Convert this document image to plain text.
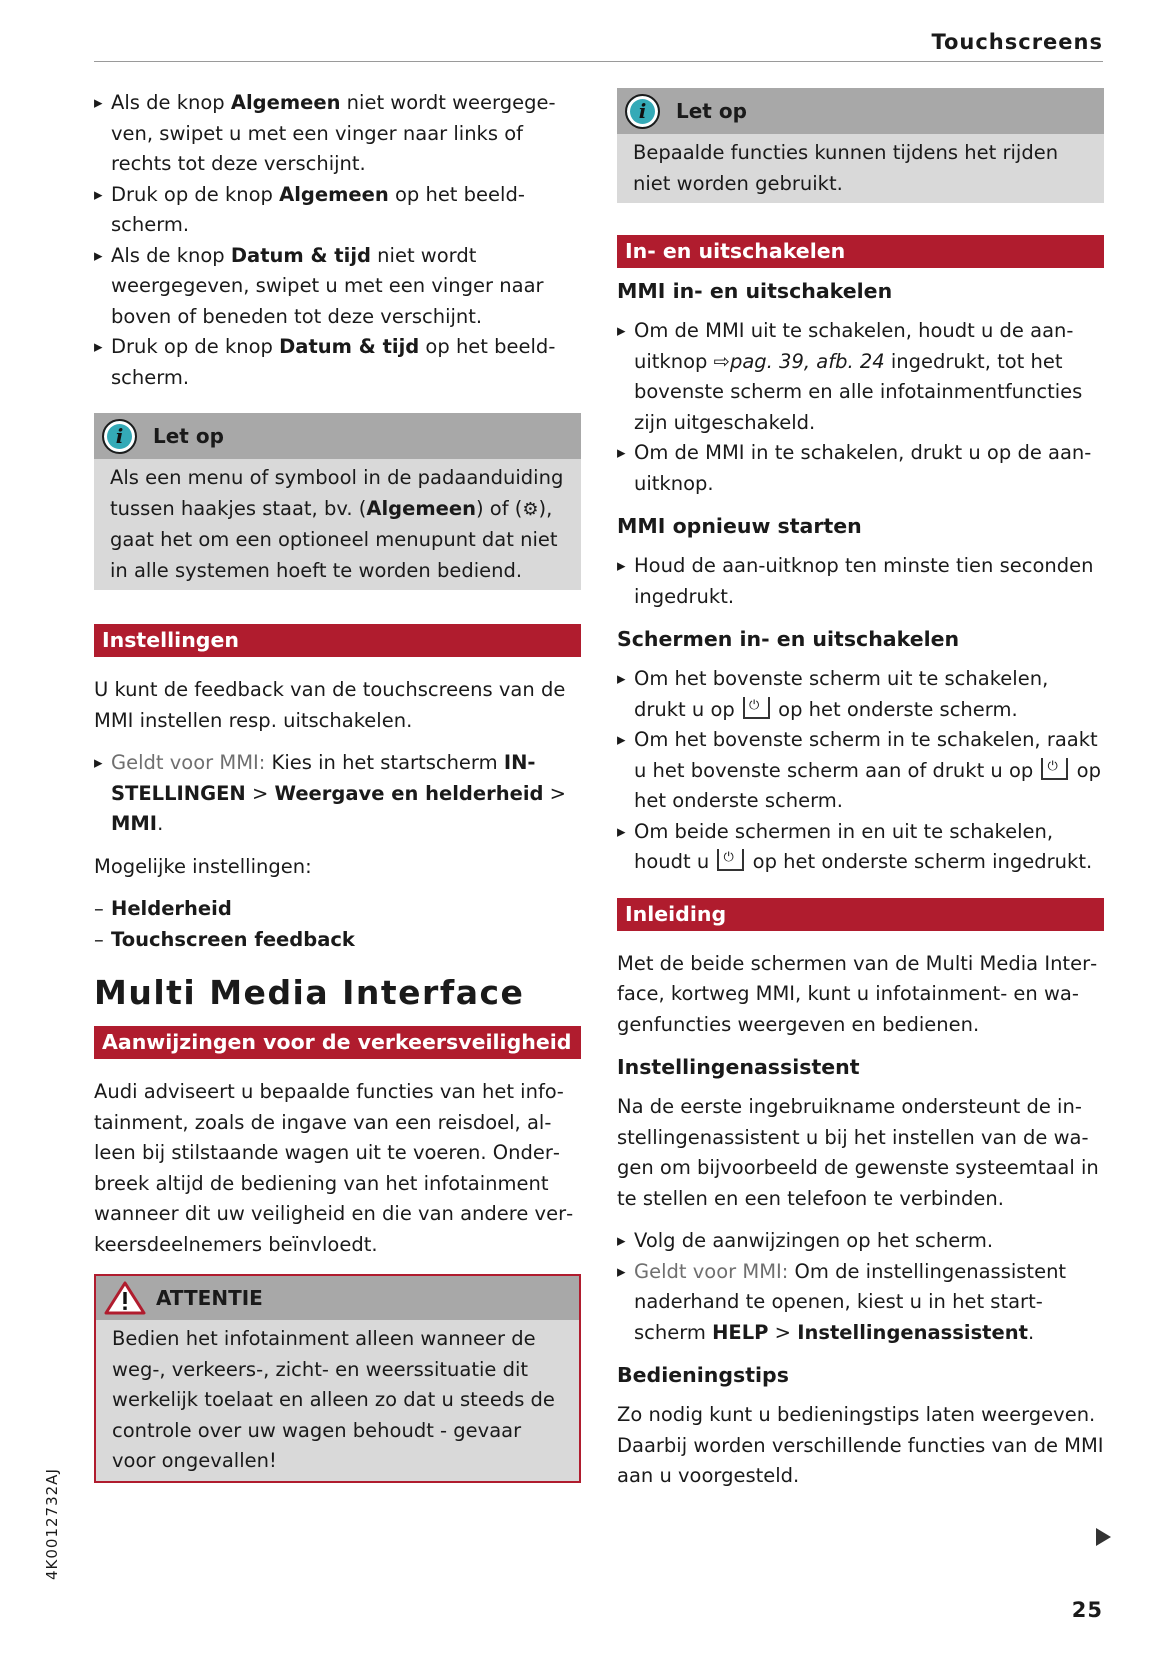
Touchscreens
▸ Als de knop Algemeen niet wordt weergegeven, swipet u met een vinger naar links of rechts tot deze verschijnt.
▸ Druk op de knop Algemeen op het beeldscherm.
▸ Als de knop Datum & tijd niet wordt weergegeven, swipet u met een vinger naar boven of beneden tot deze verschijnt.
▸ Druk op de knop Datum & tijd op het beeldscherm.
i	Let op
Als een menu of symbool in de padaanduiding tussen haakjes staat, bv. (Algemeen) of (⚙), gaat het om een optioneel menupunt dat niet in alle systemen hoeft te worden bediend.
Instellingen

U kunt de feedback van de touchscreens van de MMI instellen resp. uitschakelen.

▸ Geldt voor MMI: Kies in het startscherm INSTELLINGEN > Weergave en helderheid > MMI.

Mogelijke instellingen:

– Helderheid
– Touchscreen feedback
Multi Media Interface
Aanwijzingen voor de verkeersveiligheid

Audi adviseert u bepaalde functies van het infotainment, zoals de ingave van een reisdoel, alleen bij stilstaande wagen uit te voeren. Onderbreek altijd de bediening van het infotainment wanneer dit uw veiligheid en die van andere verkeersdeelnemers beïnvloedt.

ATTENTIE
Bedien het infotainment alleen wanneer de weg-, verkeers-, zicht- en weerssituatie dit werkelijk toelaat en alleen zo dat u steeds de controle over uw wagen behoudt - gevaar voor ongevallen!
i	Let op
Bepaalde functies kunnen tijdens het rijden niet worden gebruikt.
In- en uitschakelen
MMI in- en uitschakelen
▸ Om de MMI uit te schakelen, houdt u de aan-uitknop ⇨pag. 39, afb. 24 ingedrukt, tot het bovenste scherm en alle infotainmentfuncties zijn uitgeschakeld.
▸ Om de MMI in te schakelen, drukt u op de aan-uitknop.
MMI opnieuw starten
▸ Houd de aan-uitknop ten minste tien seconden ingedrukt.
Schermen in- en uitschakelen
▸ Om het bovenste scherm uit te schakelen, drukt u op ⏻ op het onderste scherm.
▸ Om het bovenste scherm in te schakelen, raakt u het bovenste scherm aan of drukt u op ⏻ op het onderste scherm.
▸ Om beide schermen in en uit te schakelen, houdt u ⏻ op het onderste scherm ingedrukt.
Inleiding

Met de beide schermen van de Multi Media Interface, kortweg MMI, kunt u infotainment- en wagenfuncties weergeven en bedienen.

Instellingenassistent

Na de eerste ingebruikname ondersteunt de instellingenassistent u bij het instellen van de wagen om bijvoorbeeld de gewenste systeemtaal in te stellen en een telefoon te verbinden.

▸ Volg de aanwijzingen op het scherm.
▸ Geldt voor MMI: Om de instellingenassistent naderhand te openen, kiest u in het startscherm HELP > Instellingenassistent.
Bedieningstips

Zo nodig kunt u bedieningstips laten weergeven. Daarbij worden verschillende functies van de MMI aan u voorgesteld.

25
4K0012732AJ
